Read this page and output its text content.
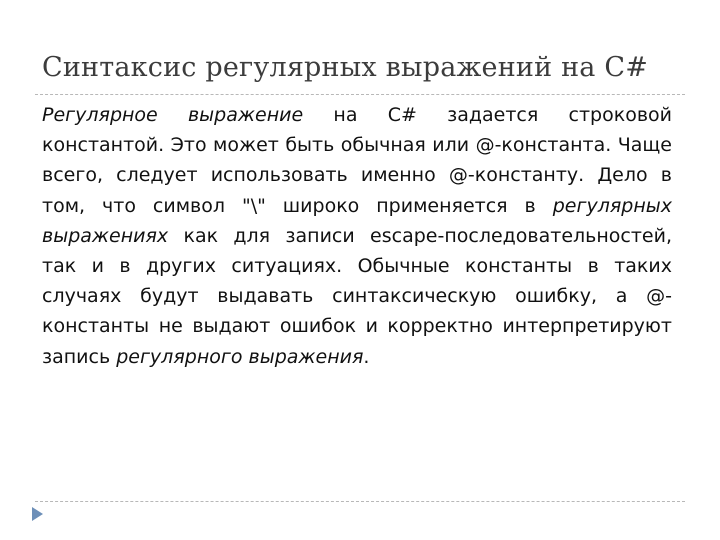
Синтаксис регулярных выражений на C#
Регулярное выражение на C# задается строковой константой. Это может быть обычная или @-константа. Чаще всего, следует использовать именно @-константу. Дело в том, что символ "\" широко применяется в регулярных выражениях как для записи escape-последовательностей, так и в других ситуациях. Обычные константы в таких случаях будут выдавать синтаксическую ошибку, а @-константы не выдают ошибок и корректно интерпретируют запись регулярного выражения.
